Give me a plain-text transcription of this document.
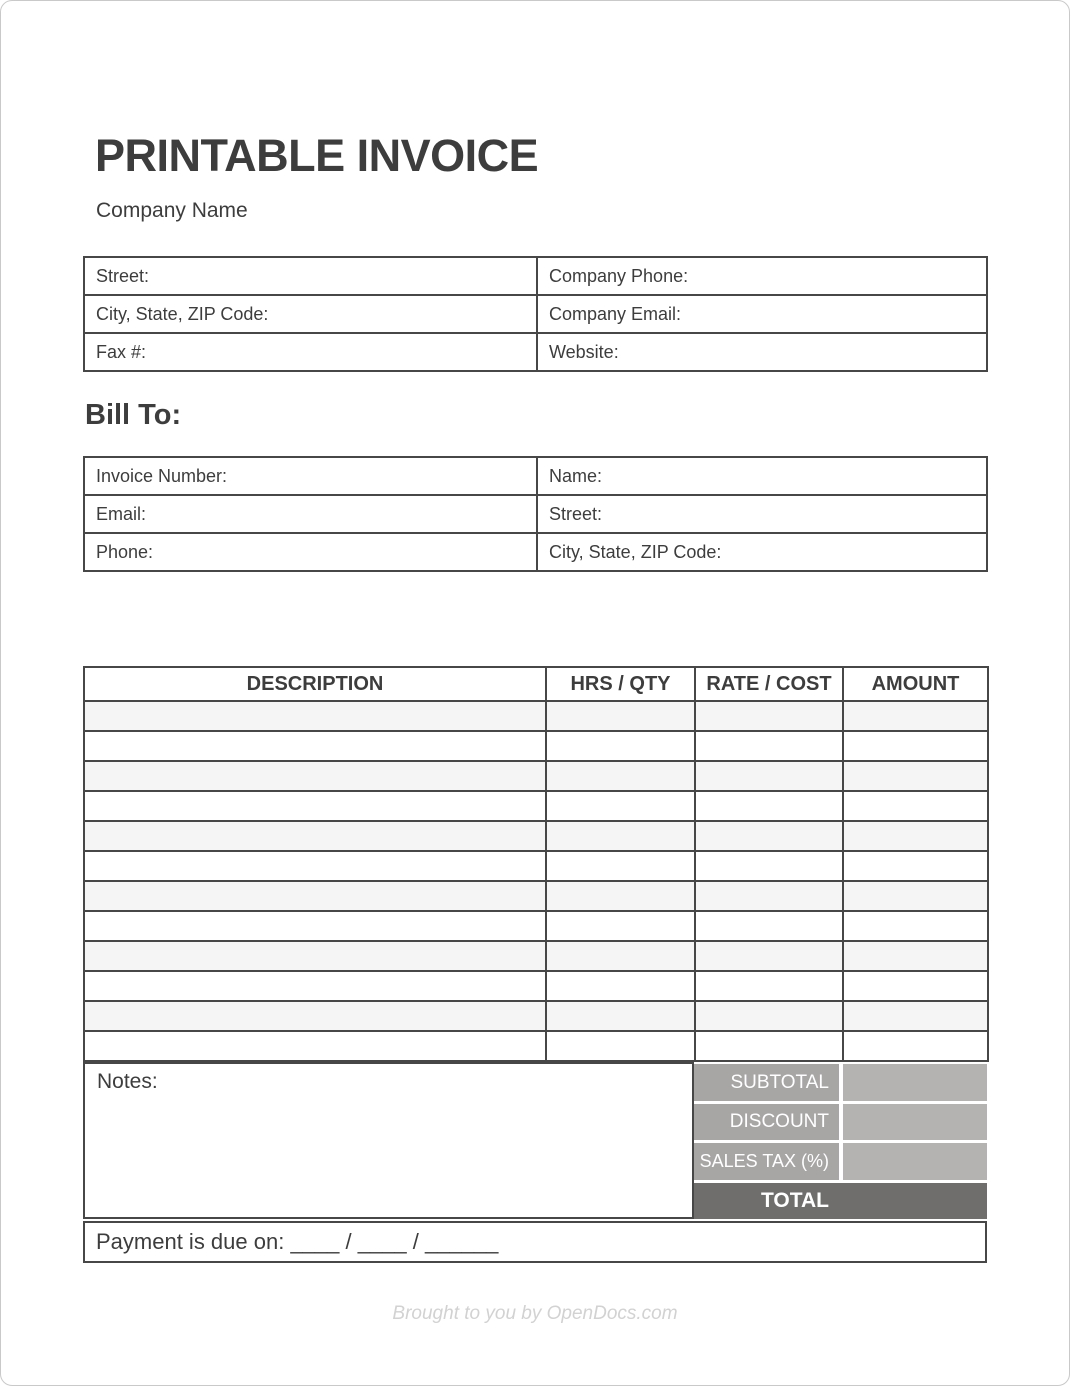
PRINTABLE INVOICE
Company Name
Street:	Company Phone:
City, State, ZIP Code:	Company Email:
Fax #:	Website:
Bill To:
Invoice Number:	Name:
Email:	Street:
Phone:	City, State, ZIP Code:
DESCRIPTION	HRS / QTY	RATE / COST	AMOUNT

Notes:	SUBTOTAL
DISCOUNT
SALES TAX (%)
TOTAL
Payment is due on: ____ / ____ / ______
Brought to you by OpenDocs.com
